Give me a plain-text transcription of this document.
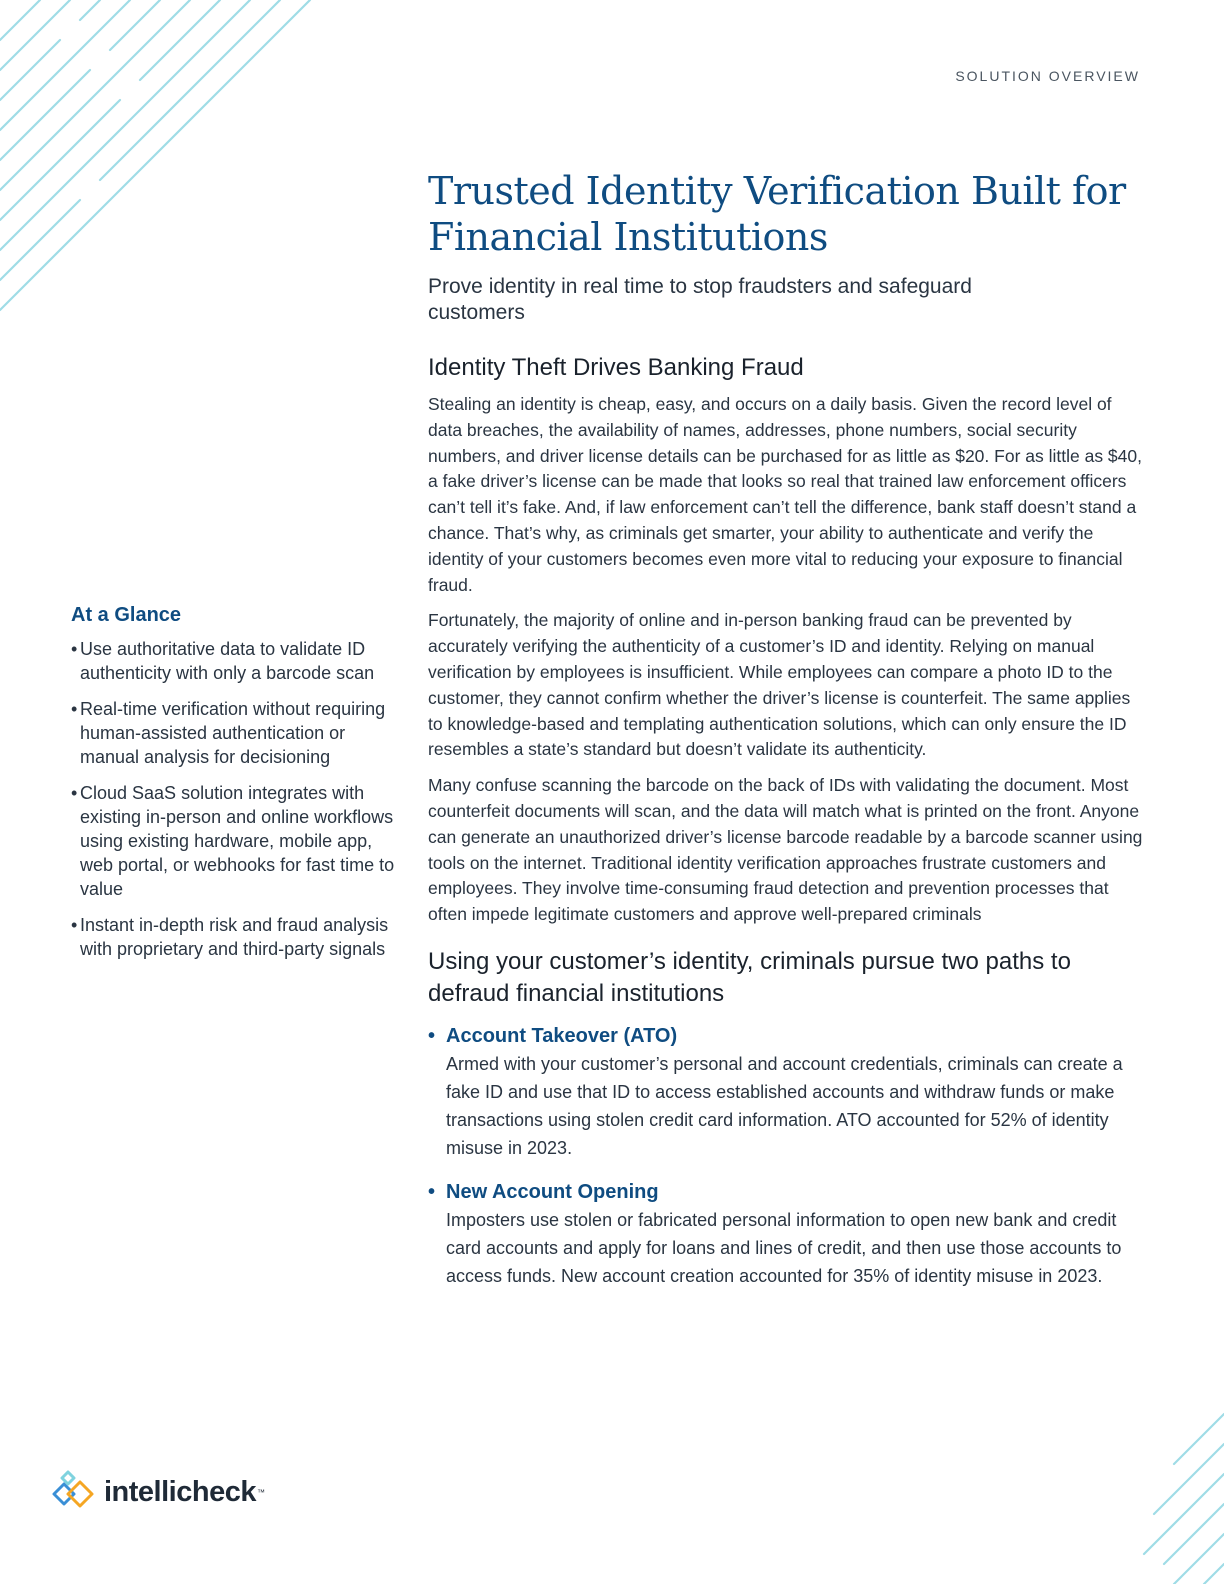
SOLUTION OVERVIEW
Trusted Identity Verification Built for Financial Institutions

Prove identity in real time to stop fraudsters and safeguard customers

At a Glance

• Use authoritative data to validate ID authenticity with only a barcode scan
• Real-time verification without requiring human-assisted authentication or manual analysis for decisioning
• Cloud SaaS solution integrates with existing in-person and online workflows using existing hardware, mobile app, web portal, or webhooks for fast time to value
• Instant in-depth risk and fraud analysis with proprietary and third-party signals
Identity Theft Drives Banking Fraud

Stealing an identity is cheap, easy, and occurs on a daily basis. Given the record level of data breaches, the availability of names, addresses, phone numbers, social security numbers, and driver license details can be purchased for as little as $20. For as little as $40, a fake driver’s license can be made that looks so real that trained law enforcement officers can’t tell it’s fake. And, if law enforcement can’t tell the difference, bank staff doesn’t stand a chance. That’s why, as criminals get smarter, your ability to authenticate and verify the identity of your customers becomes even more vital to reducing your exposure to financial fraud.

Fortunately, the majority of online and in-person banking fraud can be prevented by accurately verifying the authenticity of a customer’s ID and identity. Relying on manual verification by employees is insufficient. While employees can compare a photo ID to the customer, they cannot confirm whether the driver’s license is counterfeit. The same applies to knowledge-based and templating authentication solutions, which can only ensure the ID resembles a state’s standard but doesn’t validate its authenticity.

Many confuse scanning the barcode on the back of IDs with validating the document. Most counterfeit documents will scan, and the data will match what is printed on the front. Anyone can generate an unauthorized driver’s license barcode readable by a barcode scanner using tools on the internet. Traditional identity verification approaches frustrate customers and employees. They involve time-consuming fraud detection and prevention processes that often impede legitimate customers and approve well-prepared criminals

Using your customer’s identity, criminals pursue two paths to defraud financial institutions
• Account Takeover (ATO)

Armed with your customer’s personal and account credentials, criminals can create a fake ID and use that ID to access established accounts and withdraw funds or make transactions using stolen credit card information. ATO accounted for 52% of identity misuse in 2023.

• New Account Opening

Imposters use stolen or fabricated personal information to open new bank and credit card accounts and apply for loans and lines of credit, and then use those accounts to access funds. New account creation accounted for 35% of identity misuse in 2023.

intellicheck ™
